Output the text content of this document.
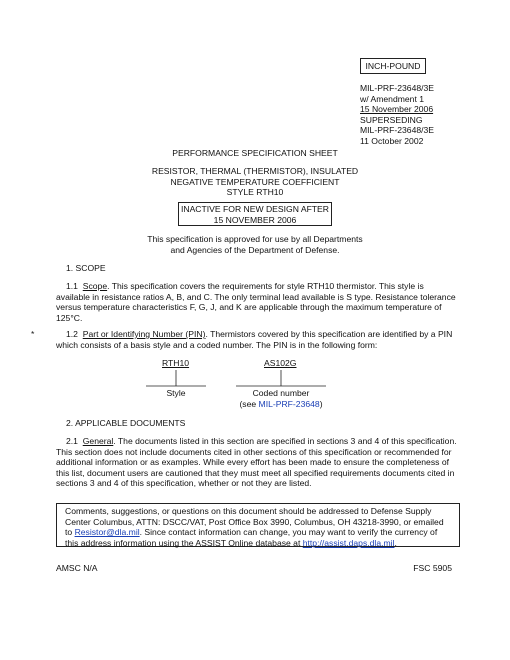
INCH-POUND
MIL-PRF-23648/3E
w/ Amendment 1
15 November 2006
SUPERSEDING
MIL-PRF-23648/3E
11 October 2002
PERFORMANCE SPECIFICATION SHEET
RESISTOR, THERMAL (THERMISTOR), INSULATED
NEGATIVE TEMPERATURE COEFFICIENT
STYLE RTH10
INACTIVE FOR NEW DESIGN AFTER
15 NOVEMBER 2006
This specification is approved for use by all Departments
and Agencies of the Department of Defense.
1. SCOPE

1.1 Scope. This specification covers the requirements for style RTH10 thermistor. This style is available in resistance ratios A, B, and C. The only terminal lead available is S type. Resistance tolerance versus temperature characteristics F, G, J, and K are applicable through the maximum temperature of 125°C.

*	1.2 Part or Identifying Number (PIN). Thermistors covered by this specification are identified by a PIN which consists of a basis style and a coded number. The PIN is in the following form:

RTH10	AS102G
Style	Coded number
(see MIL-PRF-23648)
2. APPLICABLE DOCUMENTS

2.1 General. The documents listed in this section are specified in sections 3 and 4 of this specification. This section does not include documents cited in other sections of this specification or recommended for additional information or as examples. While every effort has been made to ensure the completeness of this list, document users are cautioned that they must meet all specified requirements documents cited in sections 3 and 4 of this specification, whether or not they are listed.

Comments, suggestions, or questions on this document should be addressed to Defense Supply Center Columbus, ATTN: DSCC/VAT, Post Office Box 3990, Columbus, OH 43218-3990, or emailed to Resistor@dla.mil. Since contact information can change, you may want to verify the currency of this address information using the ASSIST Online database at http://assist.daps.dla.mil.

AMSC N/A	FSC 5905
